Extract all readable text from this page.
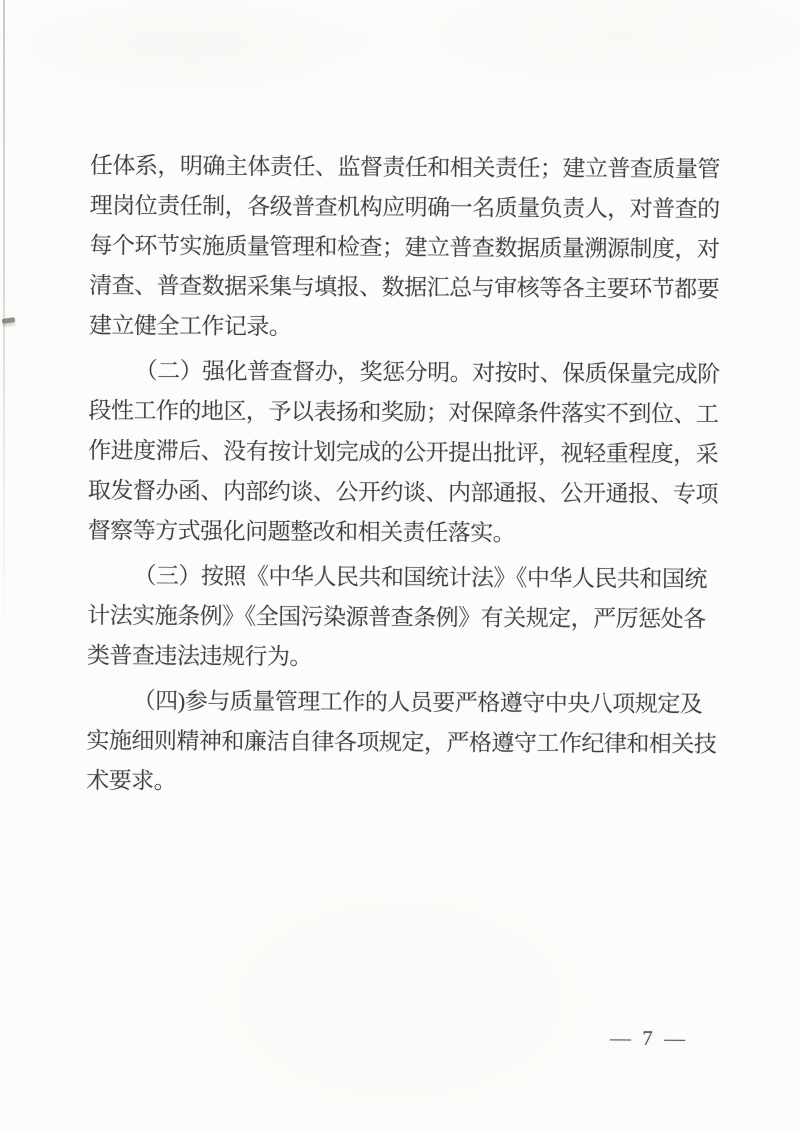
任体系，明确主体责任、监督责任和相关责任；建立普查质量管
理岗位责任制，各级普查机构应明确一名质量负责人，对普查的
每个环节实施质量管理和检查；建立普查数据质量溯源制度，对
清查、普查数据采集与填报、数据汇总与审核等各主要环节都要
建立健全工作记录。
（二）强化普查督办，奖惩分明。对按时、保质保量完成阶
段性工作的地区，予以表扬和奖励；对保障条件落实不到位、工
作进度滞后、没有按计划完成的公开提出批评，视轻重程度，采
取发督办函、内部约谈、公开约谈、内部通报、公开通报、专项
督察等方式强化问题整改和相关责任落实。
（三）按照《中华人民共和国统计法》《中华人民共和国统
计法实施条例》《全国污染源普查条例》有关规定，严厉惩处各
类普查违法违规行为。
（四)参与质量管理工作的人员要严格遵守中央八项规定及
实施细则精神和廉洁自律各项规定，严格遵守工作纪律和相关技
术要求。
— 7 —
